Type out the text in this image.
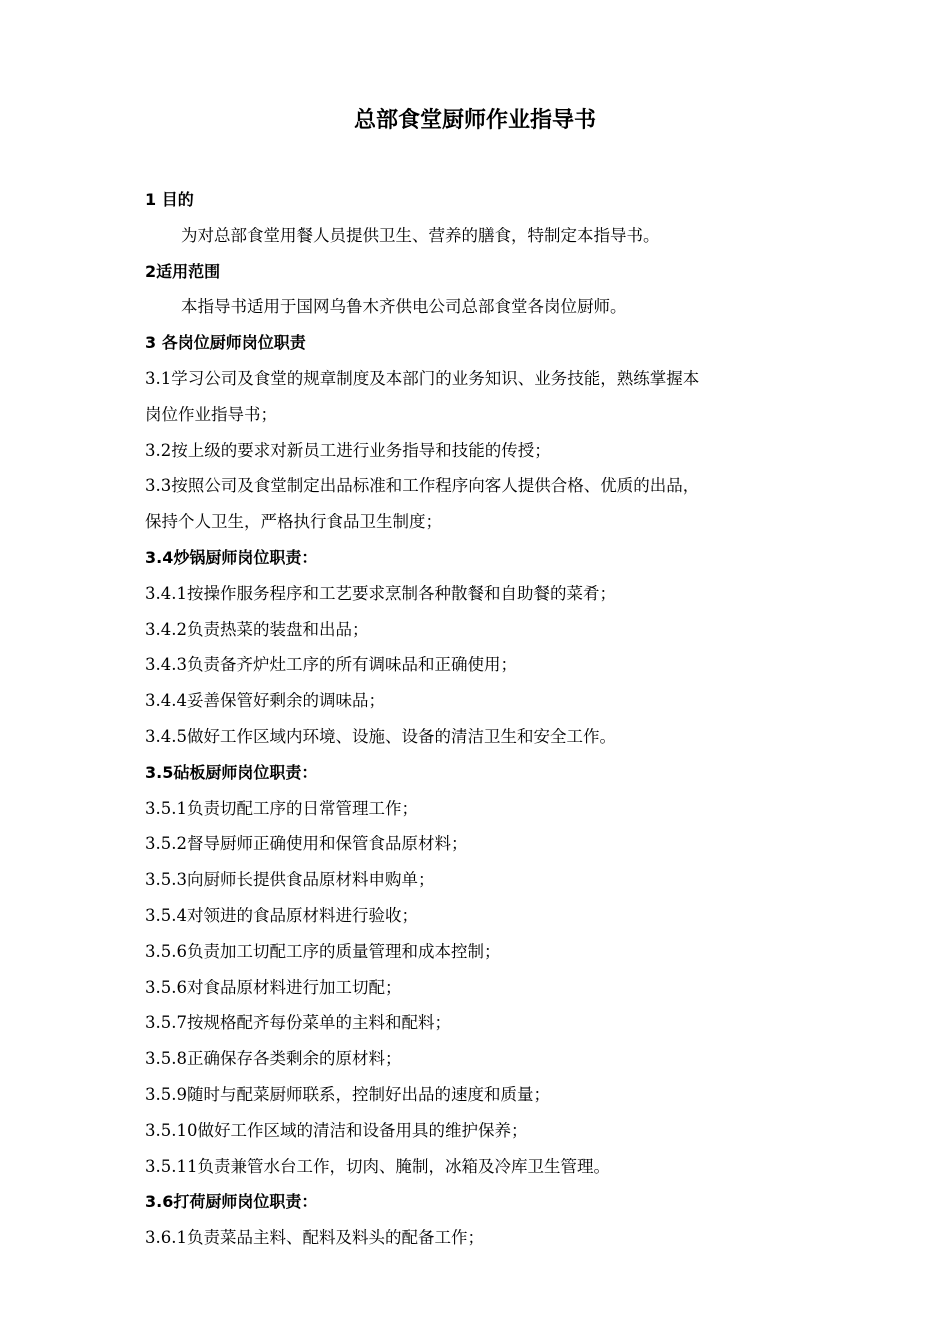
总部食堂厨师作业指导书
1 目的
为对总部食堂用餐人员提供卫生、营养的膳食，特制定本指导书。
2适用范围
本指导书适用于国网乌鲁木齐供电公司总部食堂各岗位厨师。
3 各岗位厨师岗位职责
3.1学习公司及食堂的规章制度及本部门的业务知识、业务技能，熟练掌握本
岗位作业指导书；
3.2按上级的要求对新员工进行业务指导和技能的传授；
3.3按照公司及食堂制定出品标准和工作程序向客人提供合格、优质的出品，
保持个人卫生，严格执行食品卫生制度；
3.4炒锅厨师岗位职责：
3.4.1按操作服务程序和工艺要求烹制各种散餐和自助餐的菜肴；
3.4.2负责热菜的装盘和出品；
3.4.3负责备齐炉灶工序的所有调味品和正确使用；
3.4.4妥善保管好剩余的调味品；
3.4.5做好工作区域内环境、设施、设备的清洁卫生和安全工作。
3.5砧板厨师岗位职责：
3.5.1负责切配工序的日常管理工作；
3.5.2督导厨师正确使用和保管食品原材料；
3.5.3向厨师长提供食品原材料申购单；
3.5.4对领进的食品原材料进行验收；
3.5.6负责加工切配工序的质量管理和成本控制；
3.5.6对食品原材料进行加工切配；
3.5.7按规格配齐每份菜单的主料和配料；
3.5.8正确保存各类剩余的原材料；
3.5.9随时与配菜厨师联系，控制好出品的速度和质量；
3.5.10做好工作区域的清洁和设备用具的维护保养；
3.5.11负责兼管水台工作，切肉、腌制，冰箱及冷库卫生管理。
3.6打荷厨师岗位职责：
3.6.1负责菜品主料、配料及料头的配备工作；
